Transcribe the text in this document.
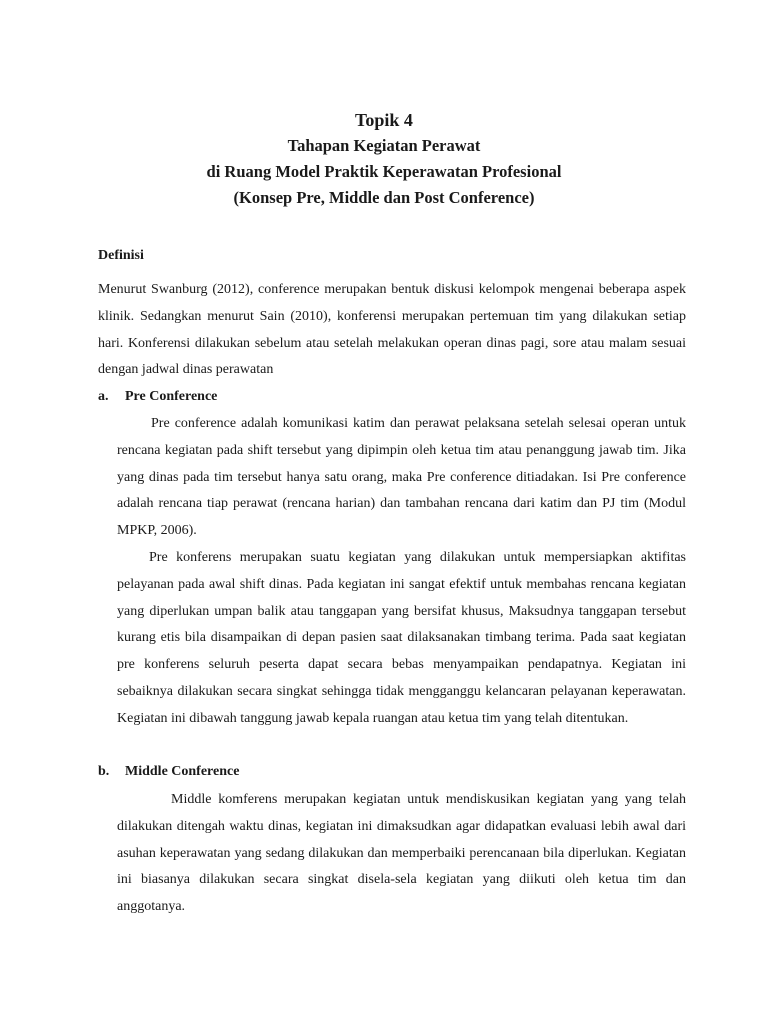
Topik 4
Tahapan Kegiatan Perawat
di Ruang Model Praktik Keperawatan Profesional
(Konsep Pre, Middle dan Post Conference)
Definisi

Menurut Swanburg (2012), conference merupakan bentuk diskusi kelompok mengenai beberapa aspek klinik. Sedangkan menurut Sain (2010), konferensi merupakan pertemuan tim yang dilakukan setiap hari. Konferensi dilakukan sebelum atau setelah melakukan operan dinas pagi, sore atau malam sesuai dengan jadwal dinas perawatan

a. Pre Conference

Pre conference adalah komunikasi katim dan perawat pelaksana setelah selesai operan untuk rencana kegiatan pada shift tersebut yang dipimpin oleh ketua tim atau penanggung jawab tim. Jika yang dinas pada tim tersebut hanya satu orang, maka Pre conference ditiadakan. Isi Pre conference adalah rencana tiap perawat (rencana harian) dan tambahan rencana dari katim dan PJ tim (Modul MPKP, 2006).

Pre konferens merupakan suatu kegiatan yang dilakukan untuk mempersiapkan aktifitas pelayanan pada awal shift dinas. Pada kegiatan ini sangat efektif untuk membahas rencana kegiatan yang diperlukan umpan balik atau tanggapan yang bersifat khusus, Maksudnya tanggapan tersebut kurang etis bila disampaikan di depan pasien saat dilaksanakan timbang terima. Pada saat kegiatan pre konferens seluruh peserta dapat secara bebas menyampaikan pendapatnya. Kegiatan ini sebaiknya dilakukan secara singkat sehingga tidak mengganggu kelancaran pelayanan keperawatan. Kegiatan ini dibawah tanggung jawab kepala ruangan atau ketua tim yang telah ditentukan.

b. Middle Conference

Middle komferens merupakan kegiatan untuk mendiskusikan kegiatan yang yang telah dilakukan ditengah waktu dinas, kegiatan ini dimaksudkan agar didapatkan evaluasi lebih awal dari asuhan keperawatan yang sedang dilakukan dan memperbaiki perencanaan bila diperlukan. Kegiatan ini biasanya dilakukan secara singkat disela-sela kegiatan yang diikuti oleh ketua tim dan anggotanya.
